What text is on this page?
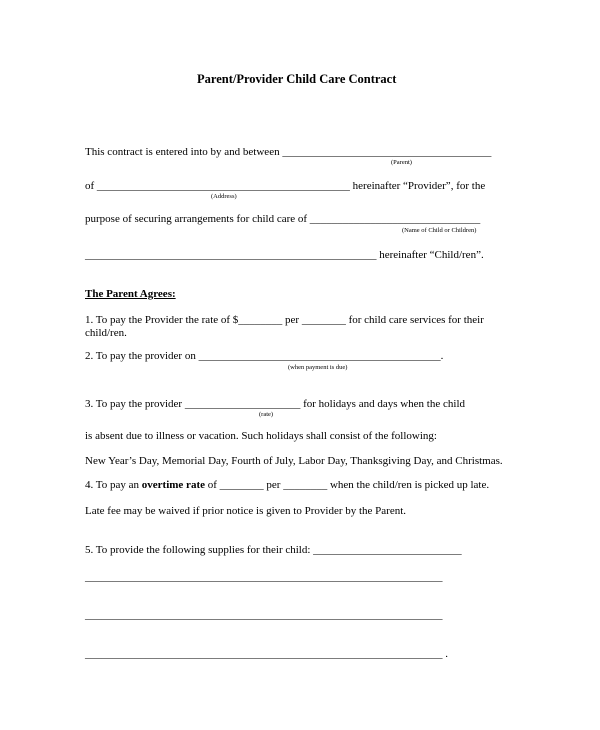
Parent/Provider Child Care Contract
This contract is entered into by and between ______________________________________
(Parent)
of ______________________________________________ hereinafter “Provider”, for the
(Address)
purpose of securing arrangements for child care of _______________________________
(Name of Child or Children)
_____________________________________________________ hereinafter “Child/ren”.
The Parent Agrees:
1. To pay the Provider the rate of $________ per ________ for child care services for their
child/ren.
2. To pay the provider on ____________________________________________.
(when payment is due)
3. To pay the provider _____________________ for holidays and days when the child
(rate)
is absent due to illness or vacation. Such holidays shall consist of the following:
New Year’s Day, Memorial Day, Fourth of July, Labor Day, Thanksgiving Day, and Christmas.
4. To pay an overtime rate of ________ per ________ when the child/ren is picked up late.
Late fee may be waived if prior notice is given to Provider by the Parent.
5. To provide the following supplies for their child: ___________________________
_________________________________________________________________
_________________________________________________________________
_________________________________________________________________ .
